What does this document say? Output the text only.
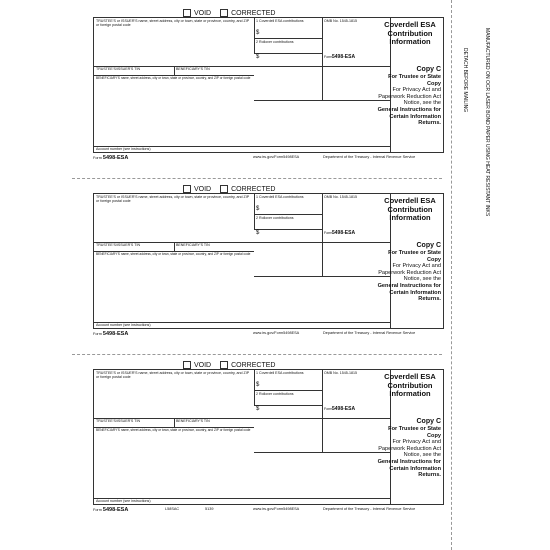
VOID	CORRECTED
TRUSTEE'S or ISSUER'S name, street address, city or town, state or province, country, and ZIP or foreign postal code
1 Coverdell ESA contributions
$
2 Rollover contributions
$
OMB No. 1545-1815
Form 5498-ESA
TRUSTEE'S/ISSUER'S TIN	BENEFICIARY'S TIN
BENEFICIARY'S name, street address, city or town, state or province, country, and ZIP or foreign postal code
Account number (see instructions)
Coverdell ESA Contribution Information
Copy C
For Trustee or State Copy
For Privacy Act and Paperwork Reduction Act Notice, see the
General Instructions for Certain Information Returns.
Form 5498-ESA	www.irs.gov/Form5498ESA	Department of the Treasury - Internal Revenue Service
VOID	CORRECTED
TRUSTEE'S or ISSUER'S name, street address, city or town, state or province, country, and ZIP or foreign postal code
1 Coverdell ESA contributions
$
2 Rollover contributions
$
OMB No. 1545-1815
Form 5498-ESA
TRUSTEE'S/ISSUER'S TIN	BENEFICIARY'S TIN
BENEFICIARY'S name, street address, city or town, state or province, country, and ZIP or foreign postal code
Account number (see instructions)
Coverdell ESA Contribution Information
Copy C
For Trustee or State Copy
For Privacy Act and Paperwork Reduction Act Notice, see the
General Instructions for Certain Information Returns.
Form 5498-ESA	www.irs.gov/Form5498ESA	Department of the Treasury - Internal Revenue Service
VOID	CORRECTED
TRUSTEE'S or ISSUER'S name, street address, city or town, state or province, country, and ZIP or foreign postal code
1 Coverdell ESA contributions
$
2 Rollover contributions
$
OMB No. 1545-1815
Form 5498-ESA
TRUSTEE'S/ISSUER'S TIN	BENEFICIARY'S TIN
BENEFICIARY'S name, street address, city or town, state or province, country, and ZIP or foreign postal code
Account number (see instructions)
Coverdell ESA Contribution Information
Copy C
For Trustee or State Copy
For Privacy Act and Paperwork Reduction Act Notice, see the
General Instructions for Certain Information Returns.
Form 5498-ESA	L58SAC	5139	www.irs.gov/Form5498ESA	Department of the Treasury - Internal Revenue Service
DETACH BEFORE MAILING	MANUFACTURED ON OCR LASER BOND PAPER USING HEAT RESISTANT INKS
